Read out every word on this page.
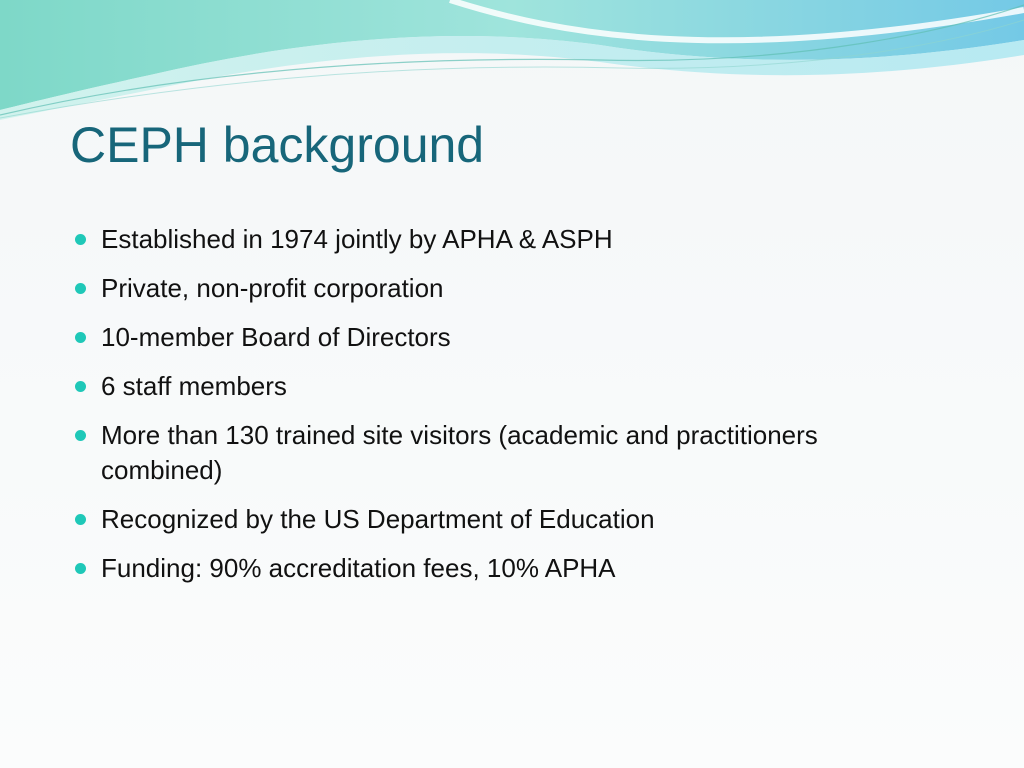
CEPH background
Established in 1974 jointly by APHA & ASPH
Private, non-profit corporation
10-member Board of Directors
6 staff members
More than 130 trained site visitors (academic and practitioners combined)
Recognized by the US Department of Education
Funding: 90% accreditation fees, 10% APHA
